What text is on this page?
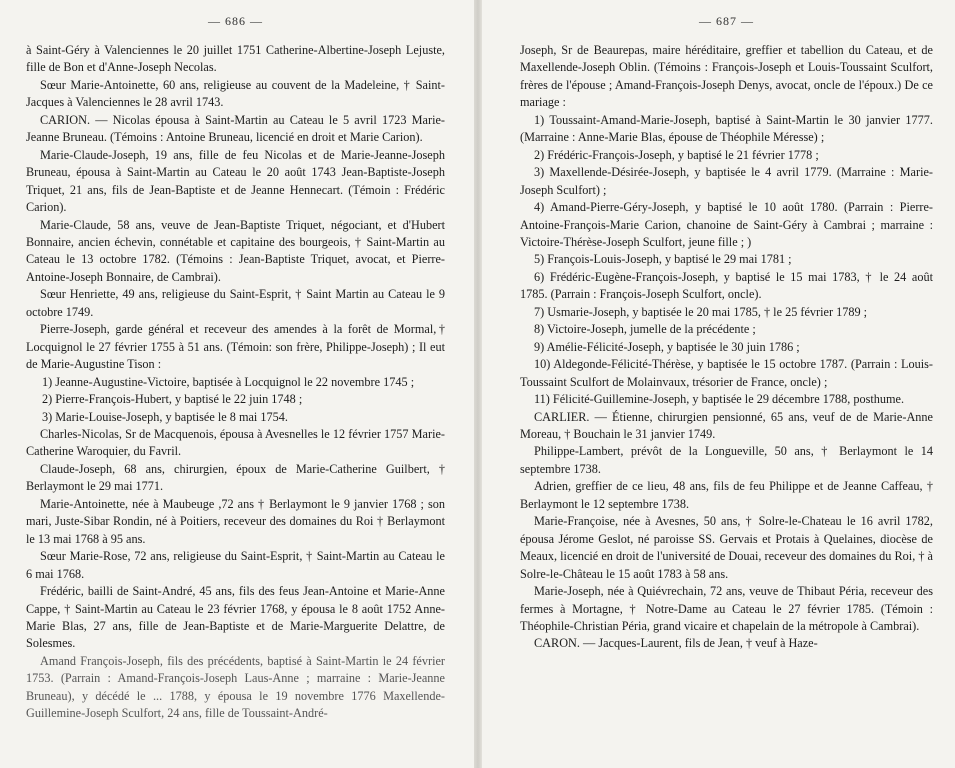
— 686 —

à Saint-Géry à Valenciennes le 20 juillet 1751 Catherine-Albertine-Joseph Lejuste, fille de Bon et d'Anne-Joseph Necolas.

Sœur Marie-Antoinette, 60 ans, religieuse au couvent de la Madeleine, † Saint-Jacques à Valenciennes le 28 avril 1743.

CARION. — Nicolas épousa à Saint-Martin au Cateau le 5 avril 1723 Marie-Jeanne Bruneau. (Témoins : Antoine Bruneau, licencié en droit et Marie Carion).

Marie-Claude-Joseph, 19 ans, fille de feu Nicolas et de Marie-Jeanne-Joseph Bruneau, épousa à Saint-Martin au Cateau le 20 août 1743 Jean-Baptiste-Joseph Triquet, 21 ans, fils de Jean-Baptiste et de Jeanne Hennecart. (Témoin : Frédéric Carion).

Marie-Claude, 58 ans, veuve de Jean-Baptiste Triquet, négociant, et d'Hubert Bonnaire, ancien échevin, connétable et capitaine des bourgeois, † Saint-Martin au Cateau le 13 octobre 1782. (Témoins : Jean-Baptiste Triquet, avocat, et Pierre-Antoine-Joseph Bonnaire, de Cambrai).

Sœur Henriette, 49 ans, religieuse du Saint-Esprit, † Saint Martin au Cateau le 9 octobre 1749.

Pierre-Joseph, garde général et receveur des amendes à la forêt de Mormal,† Locquignol le 27 février 1755 à 51 ans. (Témoin: son frère, Philippe-Joseph) ; Il eut de Marie-Augustine Tison :

1) Jeanne-Augustine-Victoire, baptisée à Locquignol le 22 novembre 1745 ;

2) Pierre-François-Hubert, y baptisé le 22 juin 1748 ;

3) Marie-Louise-Joseph, y baptisée le 8 mai 1754.

Charles-Nicolas, Sr de Macquenois, épousa à Avesnelles le 12 février 1757 Marie-Catherine Waroquier, du Favril.

Claude-Joseph, 68 ans, chirurgien, époux de Marie-Catherine Guilbert, † Berlaymont le 29 mai 1771.

Marie-Antoinette, née à Maubeuge ,72 ans † Berlaymont le 9 janvier 1768 ; son mari, Juste-Sibar Rondin, né à Poitiers, receveur des domaines du Roi † Berlaymont le 13 mai 1768 à 95 ans.

Sœur Marie-Rose, 72 ans, religieuse du Saint-Esprit, † Saint-Martin au Cateau le 6 mai 1768.

Frédéric, bailli de Saint-André, 45 ans, fils des feus Jean-Antoine et Marie-Anne Cappe, † Saint-Martin au Cateau le 23 février 1768, y épousa le 8 août 1752 Anne-Marie Blas, 27 ans, fille de Jean-Baptiste et de Marie-Marguerite Delattre, de Solesmes.

Amand François-Joseph, fils des précédents, baptisé à Saint-Martin le 24 février 1753. (Parrain : Amand-François-Joseph Laus-Anne ; marraine : Marie-Jeanne Bruneau), y décédé le ... 1788, y épousa le 19 novembre 1776 Maxellende-Guillemine-Joseph Sculfort, 24 ans, fille de Toussaint-André-

— 687 —

Joseph, Sr de Beaurepas, maire héréditaire, greffier et tabellion du Cateau, et de Maxellende-Joseph Oblin. (Témoins : François-Joseph et Louis-Toussaint Sculfort, frères de l'épouse ; Amand-François-Joseph Denys, avocat, oncle de l'époux.) De ce mariage :

1) Toussaint-Amand-Marie-Joseph, baptisé à Saint-Martin le 30 janvier 1777. (Marraine : Anne-Marie Blas, épouse de Théophile Méresse) ;

2) Frédéric-François-Joseph, y baptisé le 21 février 1778 ;

3) Maxellende-Désirée-Joseph, y baptisée le 4 avril 1779. (Marraine : Marie-Joseph Sculfort) ;

4) Amand-Pierre-Géry-Joseph, y baptisé le 10 août 1780. (Parrain : Pierre-Antoine-François-Marie Carion, chanoine de Saint-Géry à Cambrai ; marraine : Victoire-Thérèse-Joseph Sculfort, jeune fille ; )

5) François-Louis-Joseph, y baptisé le 29 mai 1781 ;

6) Frédéric-Eugène-François-Joseph, y baptisé le 15 mai 1783, † le 24 août 1785. (Parrain : François-Joseph Sculfort, oncle).

7) Usmarie-Joseph, y baptisée le 20 mai 1785, † le 25 février 1789 ;

8) Victoire-Joseph, jumelle de la précédente ;

9) Amélie-Félicité-Joseph, y baptisée le 30 juin 1786 ;

10) Aldegonde-Félicité-Thérèse, y baptisée le 15 octobre 1787. (Parrain : Louis-Toussaint Sculfort de Molainvaux, trésorier de France, oncle) ;

11) Félicité-Guillemine-Joseph, y baptisée le 29 décembre 1788, posthume.

CARLIER. — Étienne, chirurgien pensionné, 65 ans, veuf de de Marie-Anne Moreau, † Bouchain le 31 janvier 1749.

Philippe-Lambert, prévôt de la Longueville, 50 ans, † Berlaymont le 14 septembre 1738.

Adrien, greffier de ce lieu, 48 ans, fils de feu Philippe et de Jeanne Caffeau, † Berlaymont le 12 septembre 1738.

Marie-Françoise, née à Avesnes, 50 ans, † Solre-le-Chateau le 16 avril 1782, épousa Jérome Geslot, né paroisse SS. Gervais et Protais à Quelaines, diocèse de Meaux, licencié en droit de l'université de Douai, receveur des domaines du Roi, † à Solre-le-Château le 15 août 1783 à 58 ans.

Marie-Joseph, née à Quiévrechain, 72 ans, veuve de Thibaut Péria, receveur des fermes à Mortagne, † Notre-Dame au Cateau le 27 février 1785. (Témoin : Théophile-Christian Péria, grand vicaire et chapelain de la métropole à Cambrai).

CARON. — Jacques-Laurent, fils de Jean, † veuf à Haze-
